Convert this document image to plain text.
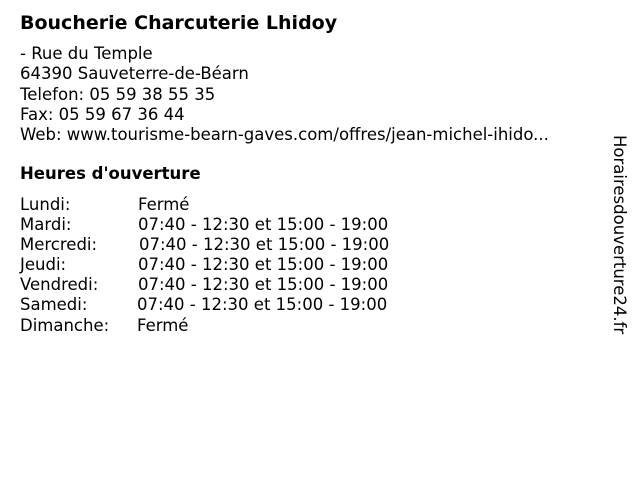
Boucherie Charcuterie Lhidoy
- Rue du Temple
64390 Sauveterre-de-Béarn
Telefon: 05 59 38 55 35
Fax: 05 59 67 36 44
Web: www.tourisme-bearn-gaves.com/offres/jean-michel-ihido...
Heures d'ouverture
Lundi:	Fermé
Mardi:	07:40 - 12:30 et 15:00 - 19:00
Mercredi:	07:40 - 12:30 et 15:00 - 19:00
Jeudi:	07:40 - 12:30 et 15:00 - 19:00
Vendredi: 07:40 - 12:30 et 15:00 - 19:00
Samedi:	07:40 - 12:30 et 15:00 - 19:00
Dimanche: Fermé	Horairesdouverture24.fr
